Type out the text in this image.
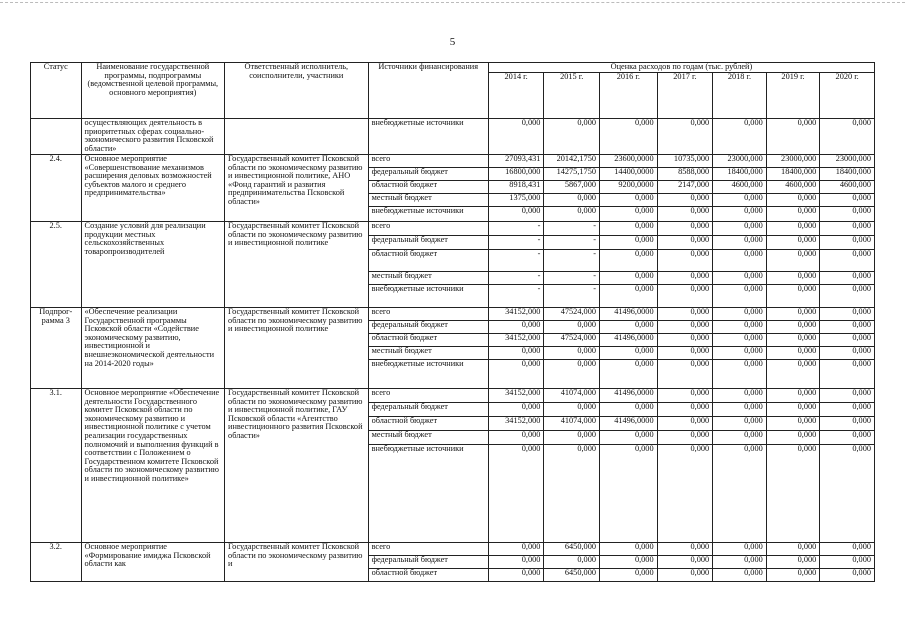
5
Статус	Наименование государственной программы, подпрограммы (ведомственной целевой программы, основного мероприятия)	Ответственный исполнитель, соисполнители, участники	Источники финансирования	Оценка расходов по годам (тыс. рублей)						
				2014 г.	2015 г.	2016 г.	2017 г.	2018 г.	2019 г.	2020 г.
	осуществляющих деятельность в приоритетных сферах социально-экономического развития Псковской области»		внебюджетные источники	0,000	0,000	0,000	0,000	0,000	0,000	0,000
2.4.	Основное мероприятие «Совершенствование механизмов расширения деловых возможностей субъектов малого и среднего предпринимательства»	Государственный комитет Псковской области по экономическому развитию и инвестиционной политике, АНО «Фонд гарантий и развития предпринимательства Псковской области»	всего	27093,431	20142,1750	23600,0000	10735,000	23000,000	23000,000	23000,000
			федеральный бюджет	16800,000	14275,1750	14400,0000	8588,000	18400,000	18400,000	18400,000
			областной бюджет	8918,431	5867,000	9200,0000	2147,000	4600,000	4600,000	4600,000
			местный бюджет	1375,000	0,000	0,000	0,000	0,000	0,000	0,000
			внебюджетные источники	0,000	0,000	0,000	0,000	0,000	0,000	0,000
2.5.	Создание условий для реализации продукции местных сельскохозяйственных товаропроизводителей	Государственный комитет Псковской области по экономическому развитию и инвестиционной политике	всего	-	-	0,000	0,000	0,000	0,000	0,000
			федеральный бюджет	-	-	0,000	0,000	0,000	0,000	0,000
			областной бюджет	-	-	0,000	0,000	0,000	0,000	0,000
			местный бюджет	-	-	0,000	0,000	0,000	0,000	0,000
			внебюджетные источники	-	-	0,000	0,000	0,000	0,000	0,000
Подпрог-рамма 3	«Обеспечение реализации Государственной программы Псковской области «Содействие экономическому развитию, инвестиционной и внешнеэкономической деятельности на 2014-2020 годы»	Государственный комитет Псковской области по экономическому развитию и инвестиционной политике	всего	34152,000	47524,000	41496,0000	0,000	0,000	0,000	0,000
			федеральный бюджет	0,000	0,000	0,000	0,000	0,000	0,000	0,000
			областной бюджет	34152,000	47524,000	41496,0000	0,000	0,000	0,000	0,000
			местный бюджет	0,000	0,000	0,000	0,000	0,000	0,000	0,000
			внебюджетные источники	0,000	0,000	0,000	0,000	0,000	0,000	0,000
3.1.	Основное мероприятие «Обеспечение деятельности Государственного комитет Псковской области по экономическому развитию и инвестиционной политике с учетом реализации государственных полномочий и выполнения функций в соответствии с Положением о Государственном комитете Псковской области по экономическому развитию и инвестиционной политике»	Государственный комитет Псковской области по экономическому развитию и инвестиционной политике, ГАУ Псковской области «Агентство инвестиционного развития Псковской области»	всего	34152,000	41074,000	41496,0000	0,000	0,000	0,000	0,000
			федеральный бюджет	0,000	0,000	0,000	0,000	0,000	0,000	0,000
			областной бюджет	34152,000	41074,000	41496,0000	0,000	0,000	0,000	0,000
			местный бюджет	0,000	0,000	0,000	0,000	0,000	0,000	0,000
			внебюджетные источники	0,000	0,000	0,000	0,000	0,000	0,000	0,000
3.2.	Основное мероприятие «Формирование имиджа Псковской области как	Государственный комитет Псковской области по экономическому развитию и	всего	0,000	6450,000	0,000	0,000	0,000	0,000	0,000
			федеральный бюджет	0,000	0,000	0,000	0,000	0,000	0,000	0,000
			областной бюджет	0,000	6450,000	0,000	0,000	0,000	0,000	0,000
